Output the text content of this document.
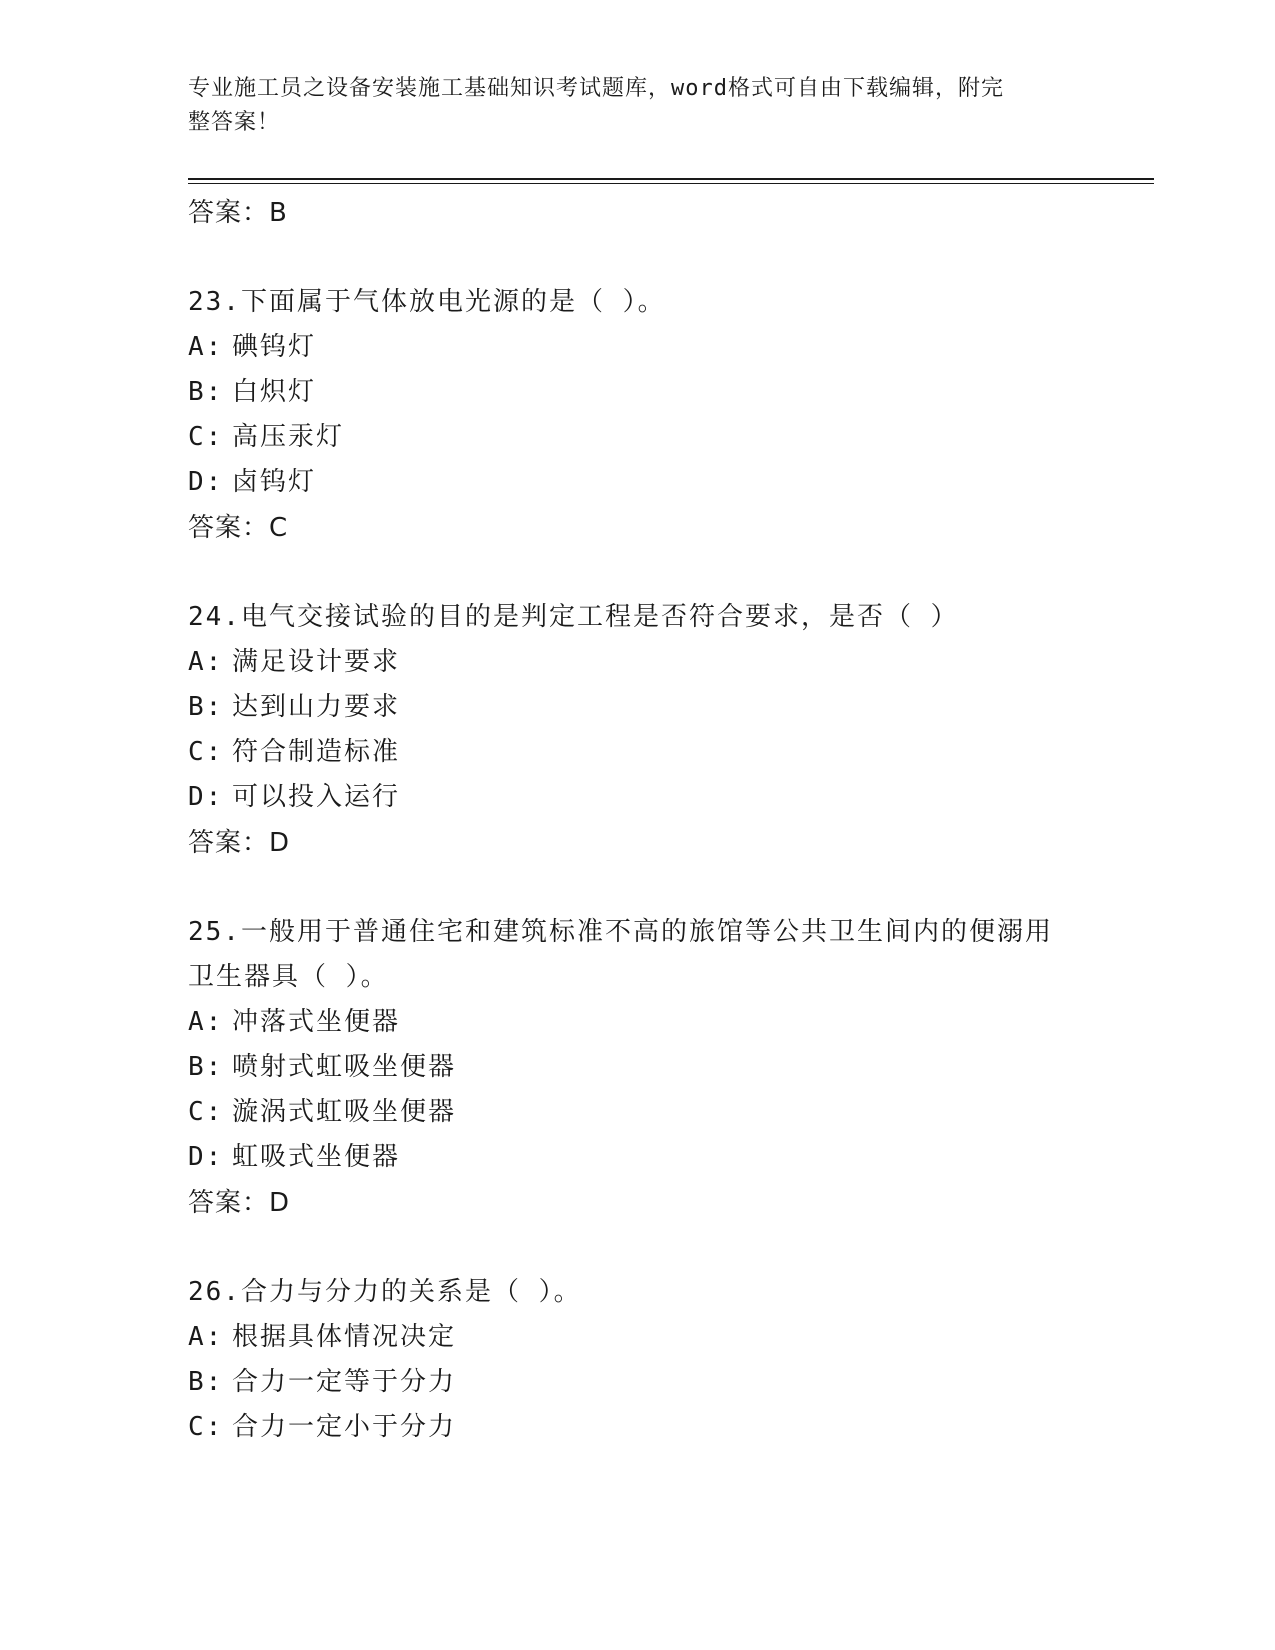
专业施工员之设备安装施工基础知识考试题库，word格式可自由下载编辑，附完
整答案！
答案：B
23.下面属于气体放电光源的是（ ）。
A: 碘钨灯
B: 白炽灯
C: 高压汞灯
D: 卤钨灯
答案：C
24.电气交接试验的目的是判定工程是否符合要求，是否（ ）
A: 满足设计要求
B: 达到山力要求
C: 符合制造标准
D: 可以投入运行
答案：D
25.一般用于普通住宅和建筑标准不高的旅馆等公共卫生间内的便溺用
卫生器具（ ）。
A: 冲落式坐便器
B: 喷射式虹吸坐便器
C: 漩涡式虹吸坐便器
D: 虹吸式坐便器
答案：D
26.合力与分力的关系是（ ）。
A: 根据具体情况决定
B: 合力一定等于分力
C: 合力一定小于分力
